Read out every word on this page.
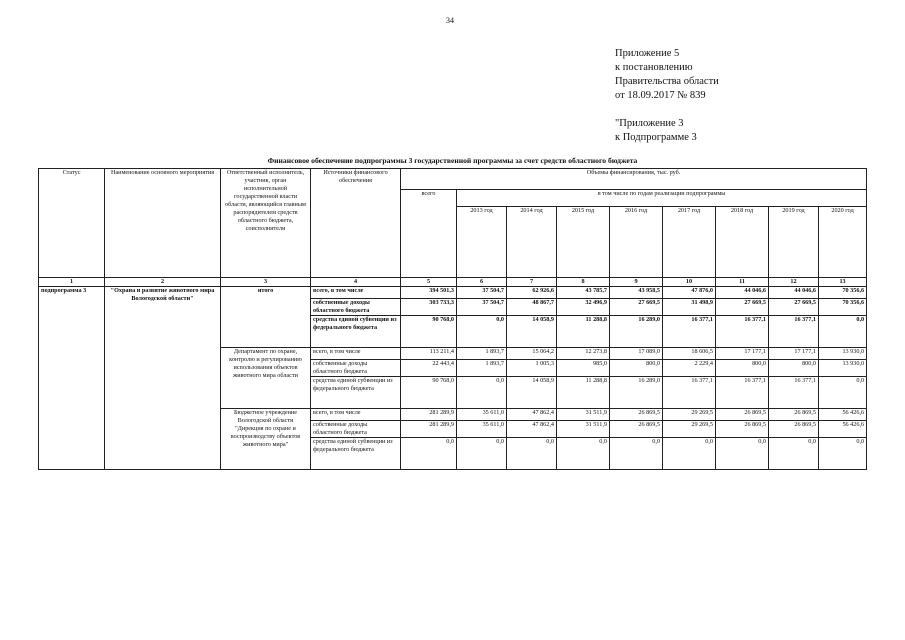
34
Приложение 5
к постановлению
Правительства области
от 18.09.2017 № 839
"Приложение 3
к Подпрограмме 3
Финансовое обеспечение подпрограммы 3 государственной программы за счет средств областного бюджета
Статус	Наименование основного мероприятия	Ответственный исполнитель, участник, орган исполнительной государственной власти области, являющийся главным распорядителем средств областного бюджета, соисполнители	Источники финансового обеспечения	Объемы финансирования, тыс. руб.								
				всего	в том числе по годам реализации подпрограммы							
					2013 год	2014 год	2015 год	2016 год	2017 год	2018 год	2019 год	2020 год
1	2	3	4	5	6	7	8	9	10	11	12	13
подпрограмма 3	"Охрана и развитие животного мира Вологодской области"	итого	всего, в том числе	394 501,3	37 504,7	62 926,6	43 785,7	43 958,5	47 876,0	44 046,6	44 046,6	70 356,6
			собственные доходы областного бюджета	303 733,3	37 504,7	48 867,7	32 496,9	27 669,5	31 498,9	27 669,5	27 669,5	70 356,6
			средства единой субвенции из федерального бюджета	90 768,0	0,0	14 058,9	11 288,8	16 289,0	16 377,1	16 377,1	16 377,1	0,0
		Департамент по охране, контролю и регулированию использования объектов животного мира области	всего, в том числе	113 211,4	1 893,7	15 064,2	12 273,8	17 089,0	18 606,5	17 177,1	17 177,1	13 930,0
			собственные доходы областного бюджета	22 443,4	1 893,7	1 005,3	985,0	800,0	2 229,4	800,0	800,0	13 930,0
			средства единой субвенции из федерального бюджета	90 768,0	0,0	14 058,9	11 288,8	16 289,0	16 377,1	16 377,1	16 377,1	0,0
		Бюджетное учреждение Вологодской области "Дирекция по охране и воспроизводству объектов животного мира"	всего, в том числе	281 289,9	35 611,0	47 862,4	31 511,9	26 869,5	29 269,5	26 869,5	26 869,5	56 426,6
			собственные доходы областного бюджета	281 289,9	35 611,0	47 862,4	31 511,9	26 869,5	29 269,5	26 869,5	26 869,5	56 426,6
			средства единой субвенции из федерального бюджета	0,0	0,0	0,0	0,0	0,0	0,0	0,0	0,0	0,0
